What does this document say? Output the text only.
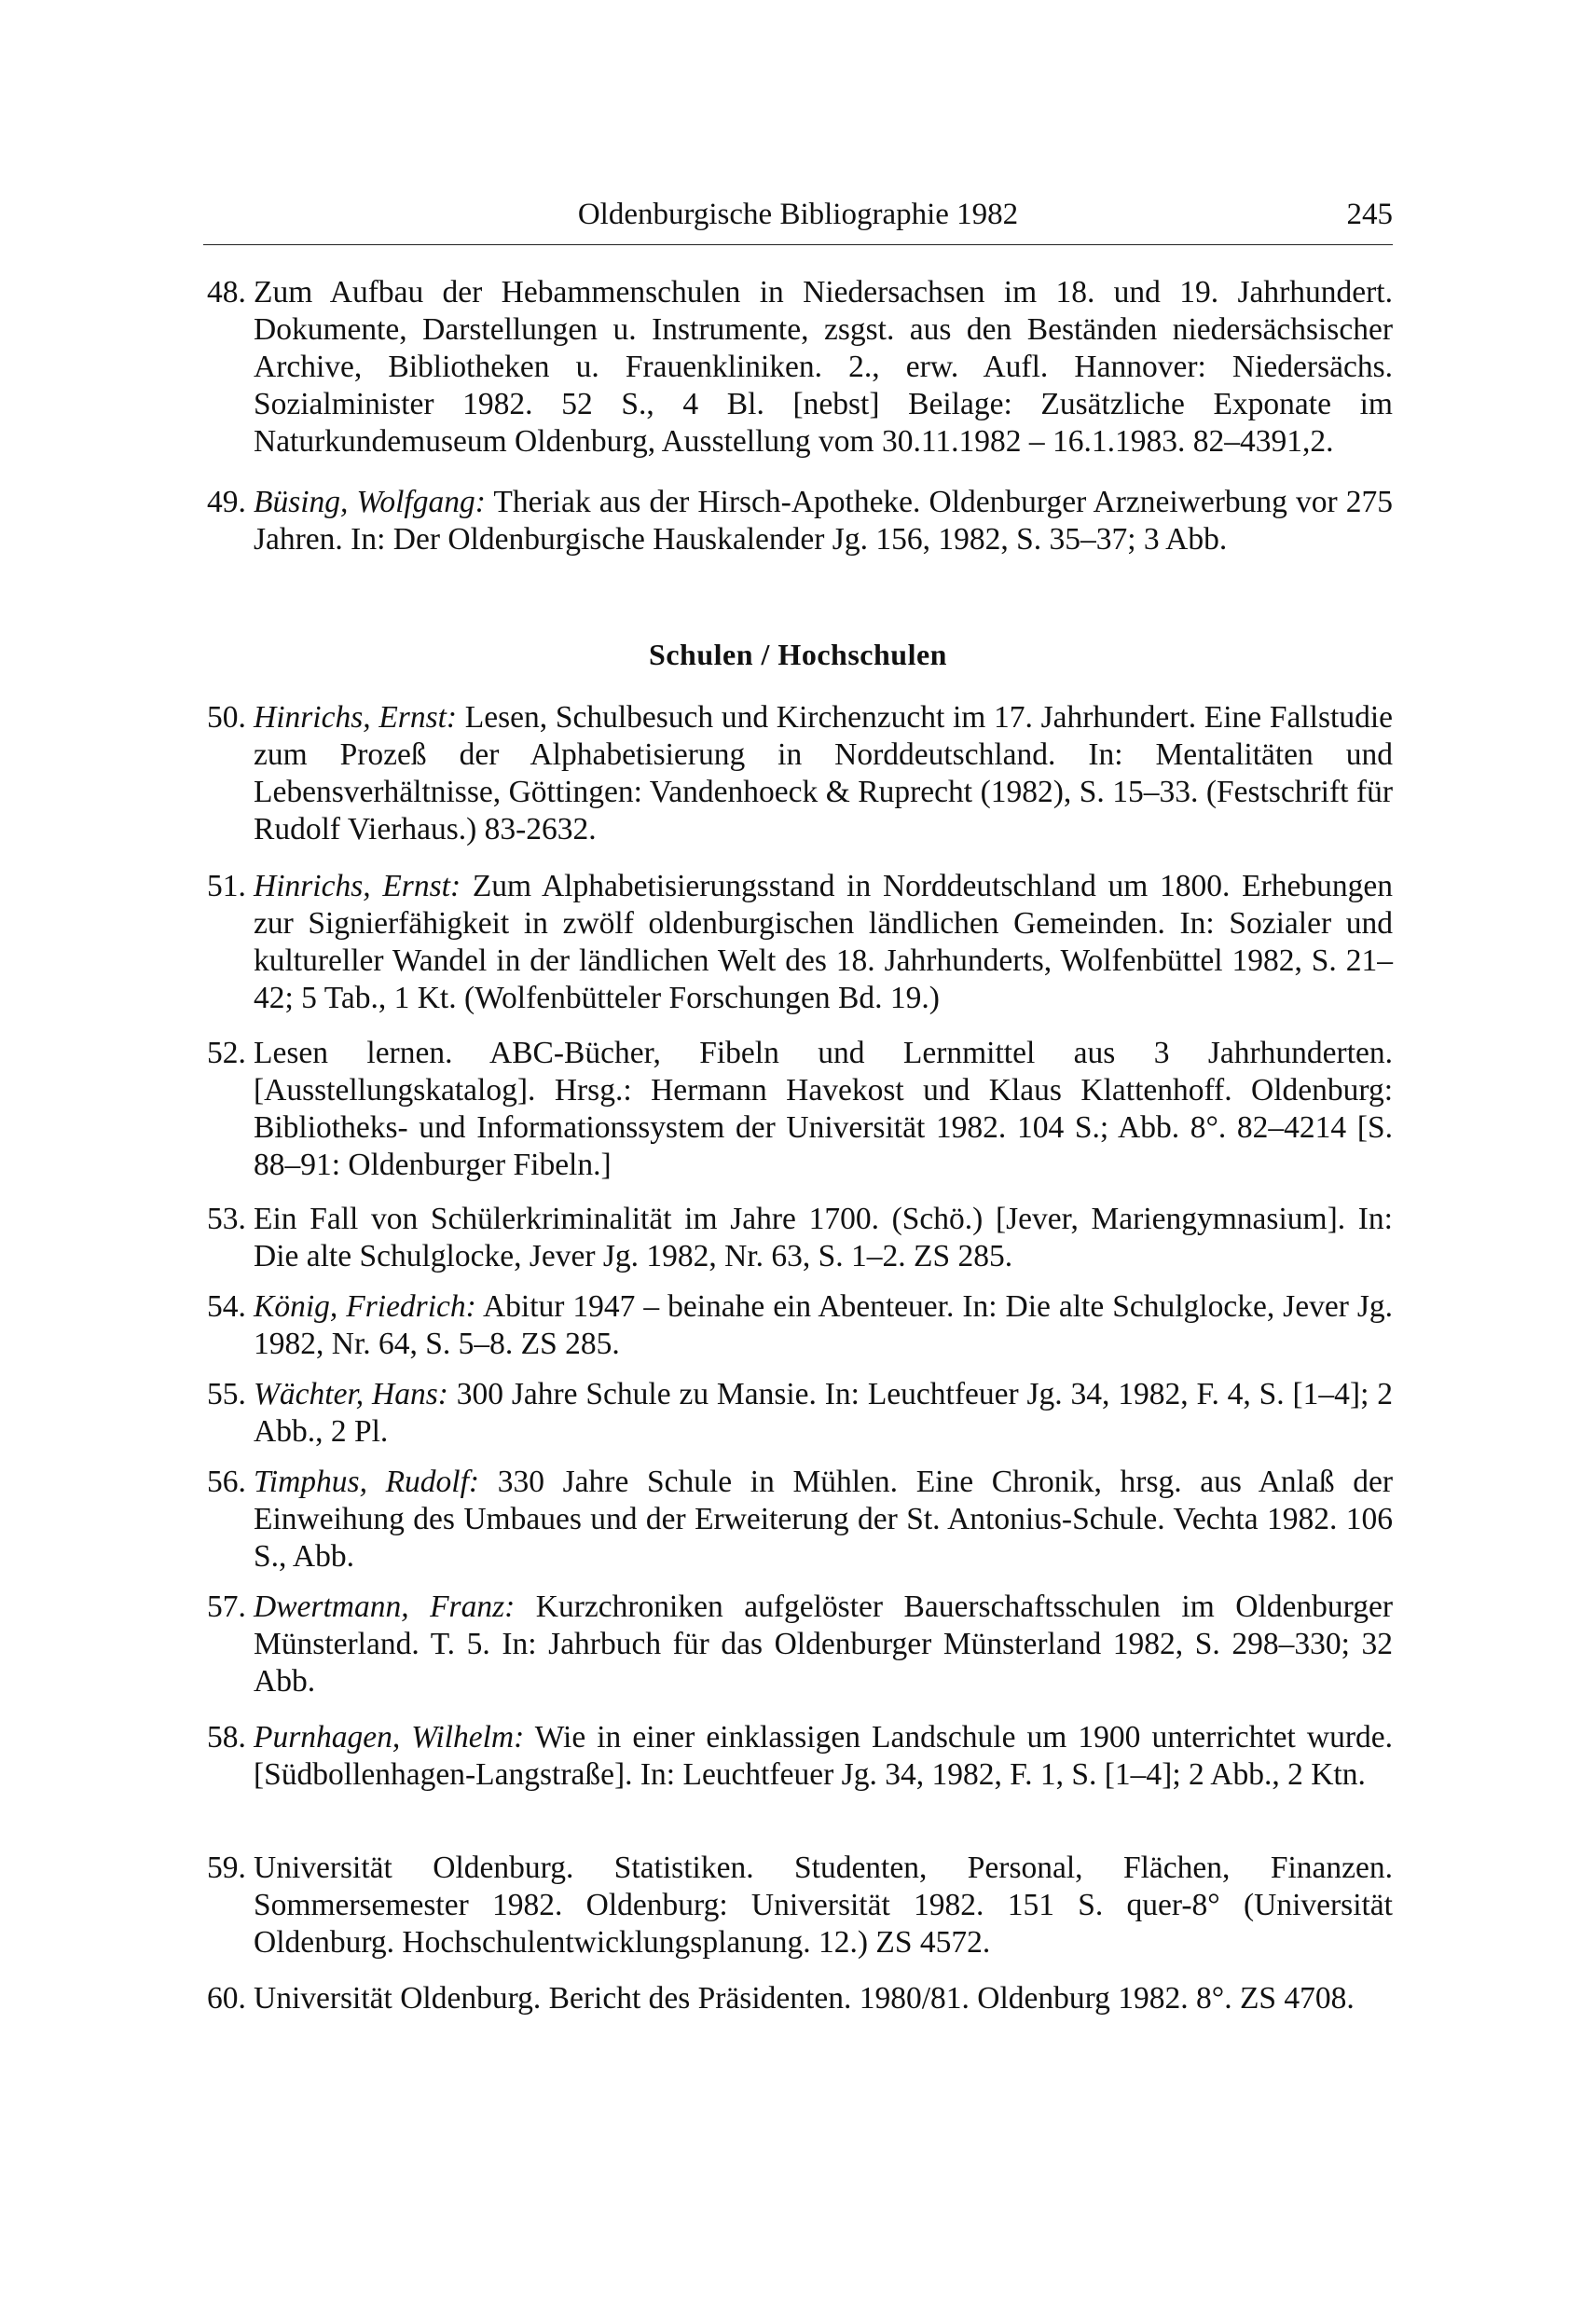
Oldenburgische Bibliographie 1982	245
48. Zum Aufbau der Hebammenschulen in Niedersachsen im 18. und 19. Jahrhundert. Dokumente, Darstellungen u. Instrumente, zsgst. aus den Beständen niedersächsischer Archive, Bibliotheken u. Frauenkliniken. 2., erw. Aufl. Hannover: Niedersächs. Sozialminister 1982. 52 S., 4 Bl. [nebst] Beilage: Zusätzliche Exponate im Naturkundemuseum Oldenburg, Ausstellung vom 30.11.1982 – 16.1.1983. 82–4391,2.
49. Büsing, Wolfgang: Theriak aus der Hirsch-Apotheke. Oldenburger Arzneiwerbung vor 275 Jahren. In: Der Oldenburgische Hauskalender Jg. 156, 1982, S. 35–37; 3 Abb.
Schulen / Hochschulen
50. Hinrichs, Ernst: Lesen, Schulbesuch und Kirchenzucht im 17. Jahrhundert. Eine Fallstudie zum Prozeß der Alphabetisierung in Norddeutschland. In: Mentalitäten und Lebensverhältnisse, Göttingen: Vandenhoeck & Ruprecht (1982), S. 15–33. (Festschrift für Rudolf Vierhaus.) 83-2632.
51. Hinrichs, Ernst: Zum Alphabetisierungsstand in Norddeutschland um 1800. Erhebungen zur Signierfähigkeit in zwölf oldenburgischen ländlichen Gemeinden. In: Sozialer und kultureller Wandel in der ländlichen Welt des 18. Jahrhunderts, Wolfenbüttel 1982, S. 21–42; 5 Tab., 1 Kt. (Wolfenbütteler Forschungen Bd. 19.)
52. Lesen lernen. ABC-Bücher, Fibeln und Lernmittel aus 3 Jahrhunderten. [Ausstellungskatalog]. Hrsg.: Hermann Havekost und Klaus Klattenhoff. Oldenburg: Bibliotheks- und Informationssystem der Universität 1982. 104 S.; Abb. 8°. 82–4214 [S. 88–91: Oldenburger Fibeln.]
53. Ein Fall von Schülerkriminalität im Jahre 1700. (Schö.) [Jever, Mariengymnasium]. In: Die alte Schulglocke, Jever Jg. 1982, Nr. 63, S. 1–2. ZS 285.
54. König, Friedrich: Abitur 1947 – beinahe ein Abenteuer. In: Die alte Schulglocke, Jever Jg. 1982, Nr. 64, S. 5–8. ZS 285.
55. Wächter, Hans: 300 Jahre Schule zu Mansie. In: Leuchtfeuer Jg. 34, 1982, F. 4, S. [1–4]; 2 Abb., 2 Pl.
56. Timphus, Rudolf: 330 Jahre Schule in Mühlen. Eine Chronik, hrsg. aus Anlaß der Einweihung des Umbaues und der Erweiterung der St. Antonius-Schule. Vechta 1982. 106 S., Abb.
57. Dwertmann, Franz: Kurzchroniken aufgelöster Bauerschaftsschulen im Oldenburger Münsterland. T. 5. In: Jahrbuch für das Oldenburger Münsterland 1982, S. 298–330; 32 Abb.
58. Purnhagen, Wilhelm: Wie in einer einklassigen Landschule um 1900 unterrichtet wurde. [Südbollenhagen-Langstraße]. In: Leuchtfeuer Jg. 34, 1982, F. 1, S. [1–4]; 2 Abb., 2 Ktn.
59. Universität Oldenburg. Statistiken. Studenten, Personal, Flächen, Finanzen. Sommersemester 1982. Oldenburg: Universität 1982. 151 S. quer-8° (Universität Oldenburg. Hochschulentwicklungsplanung. 12.) ZS 4572.
60. Universität Oldenburg. Bericht des Präsidenten. 1980/81. Oldenburg 1982. 8°. ZS 4708.
